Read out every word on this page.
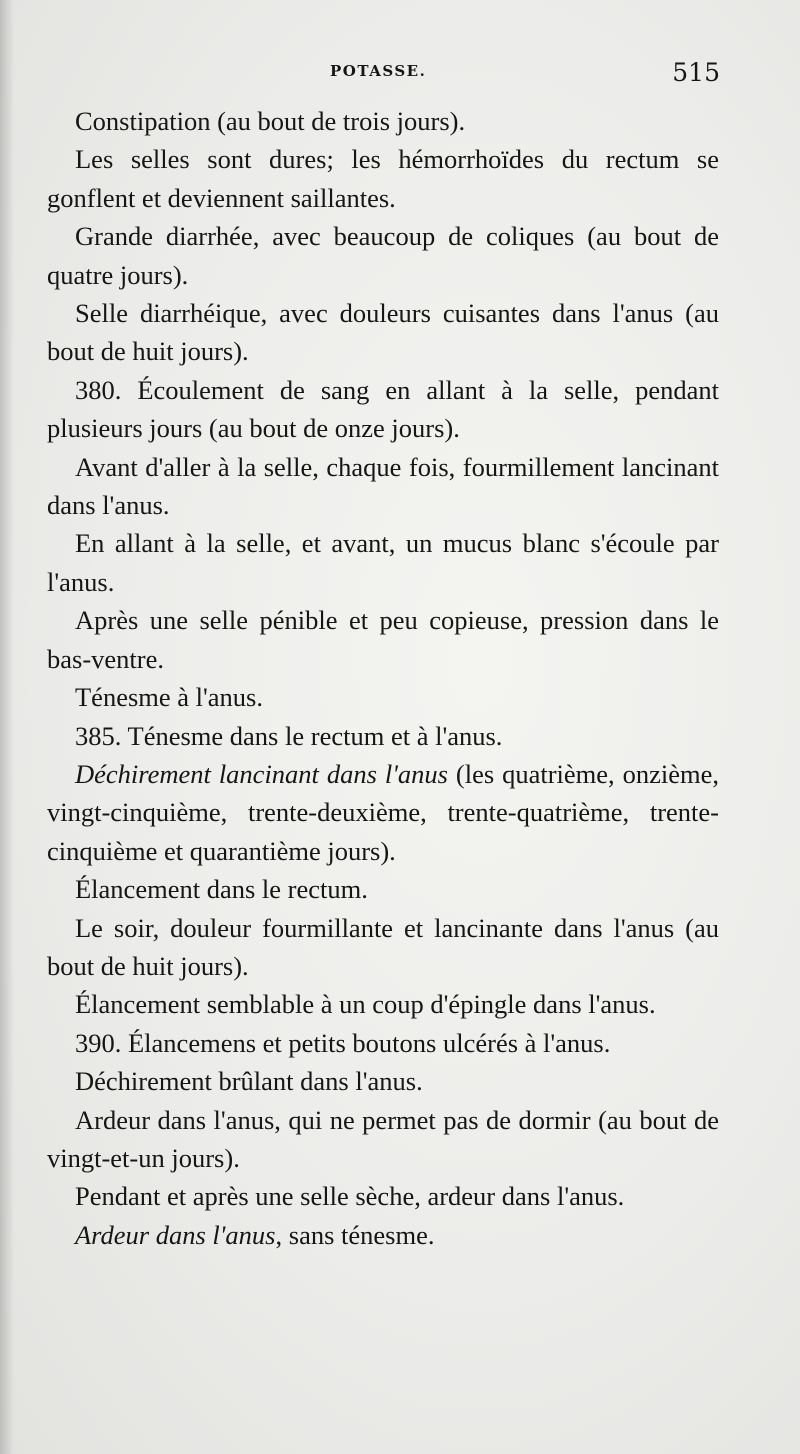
POTASSE.	515

Constipation (au bout de trois jours).

Les selles sont dures; les hémorrhoïdes du rectum se gonflent et deviennent saillantes.

Grande diarrhée, avec beaucoup de coliques (au bout de quatre jours).

Selle diarrhéique, avec douleurs cuisantes dans l'anus (au bout de huit jours).

380. Écoulement de sang en allant à la selle, pendant plusieurs jours (au bout de onze jours).

Avant d'aller à la selle, chaque fois, fourmillement lancinant dans l'anus.

En allant à la selle, et avant, un mucus blanc s'écoule par l'anus.

Après une selle pénible et peu copieuse, pression dans le bas-ventre.

Ténesme à l'anus.

385. Ténesme dans le rectum et à l'anus.

Déchirement lancinant dans l'anus (les quatrième, onzième, vingt-cinquième, trente-deuxième, trente-quatrième, trente-cinquième et quarantième jours).

Élancement dans le rectum.

Le soir, douleur fourmillante et lancinante dans l'anus (au bout de huit jours).

Élancement semblable à un coup d'épingle dans l'anus.

390. Élancemens et petits boutons ulcérés à l'anus.

Déchirement brûlant dans l'anus.

Ardeur dans l'anus, qui ne permet pas de dormir (au bout de vingt-et-un jours).

Pendant et après une selle sèche, ardeur dans l'anus.

Ardeur dans l'anus, sans ténesme.
